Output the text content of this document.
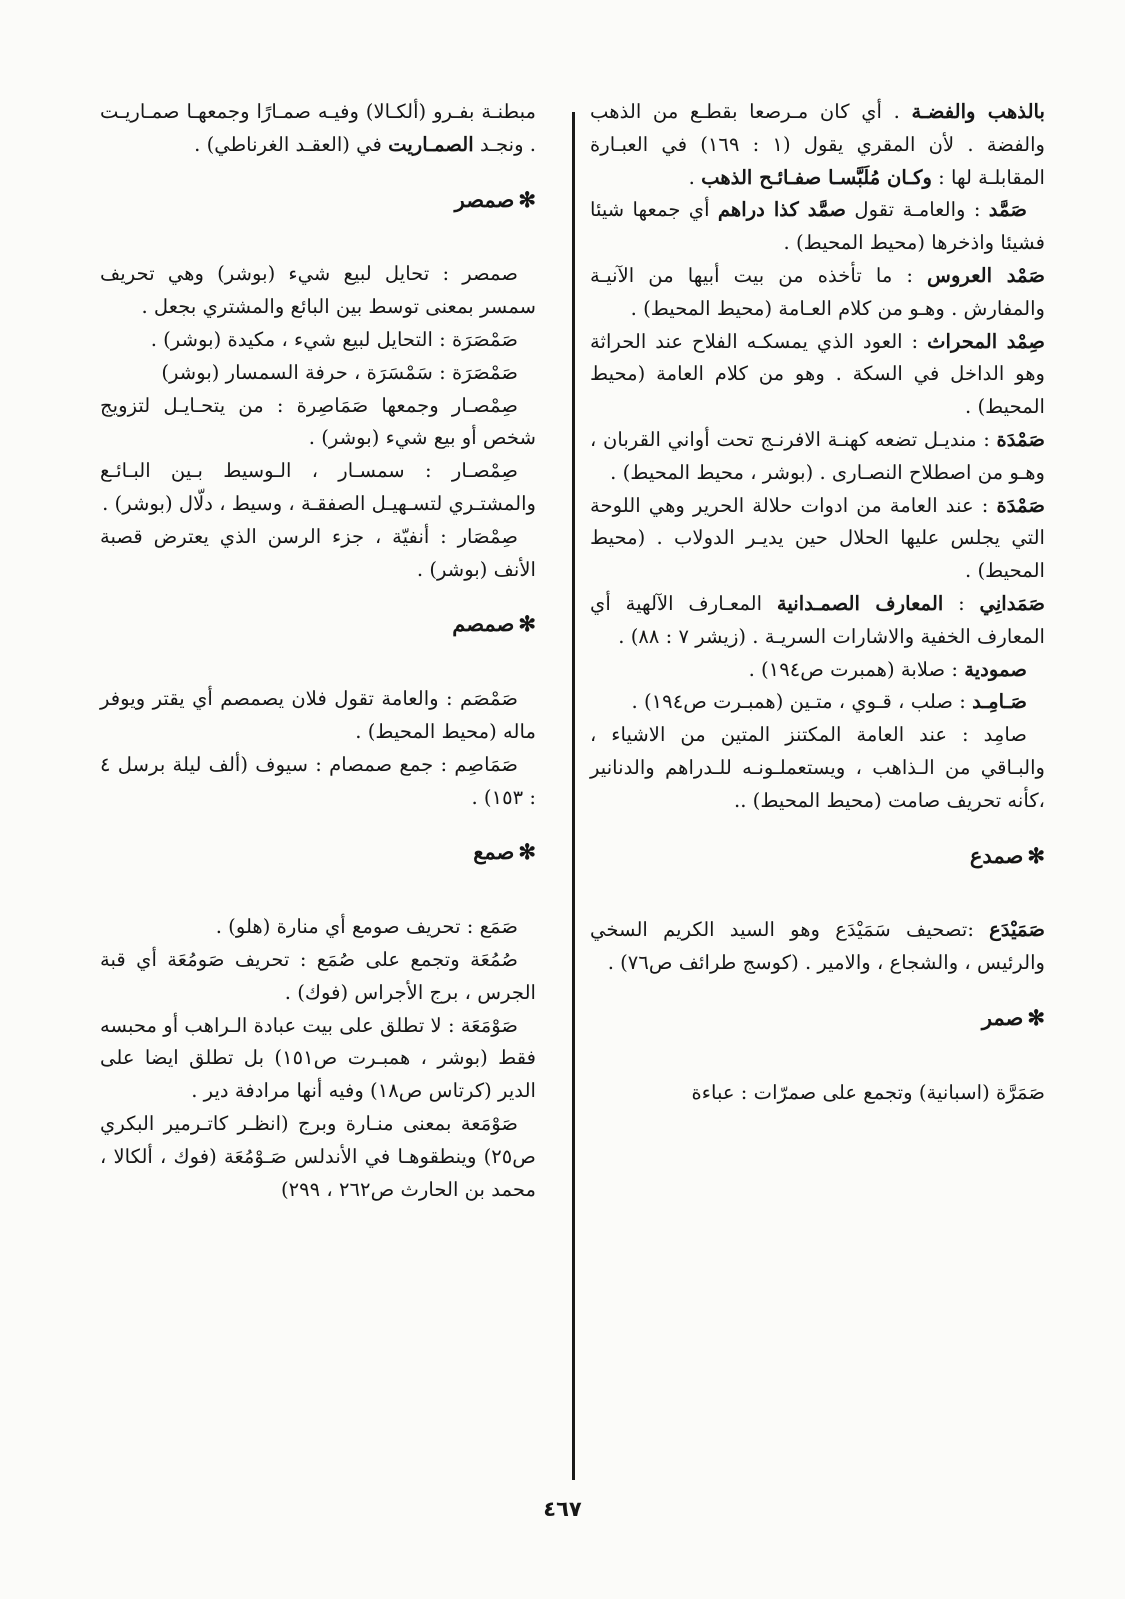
بالذهب والفضـة . أي كان مـرصعا بقطـع من الذهب والفضة . لأن المقري يقول (١ : ١٦٩) في العبـارة المقابلـة لها : وكـان مُلَبَّسـا صفـائـح الذهب .

صَمَّد : والعامـة تقول صمَّد كذا دراهم أي جمعها شيئا فشيئا واذخرها (محيط المحيط) .

صَمْد العروس : ما تأخذه من بيت أبيها من الآنيـة والمفارش . وهـو من كلام العـامة (محيط المحيط) .

صِمْد المحراث : العود الذي يمسكـه الفلاح عند الحراثة وهو الداخل في السكة . وهو من كلام العامة (محيط المحيط) .

صَمْدَة : منديـل تضعه كهنـة الافرنـج تحت أواني القربان ، وهـو من اصطلاح النصـارى . (بوشر ، محيط المحيط) .

صَمْدَة : عند العامة من ادوات حلالة الحرير وهي اللوحة التي يجلس عليها الحلال حين يديـر الدولاب . (محيط المحيط) .

صَمَدانِي : المعارف الصمـدانية المعـارف الآلهية أي المعارف الخفية والاشارات السريـة . (زيشر ٧ : ٨٨) .

صمودية : صلابة (همبرت ص١٩٤) .

صَـامِـد : صلب ، قـوي ، متـين (همبـرت ص١٩٤) .

صامِد : عند العامة المكتنز المتين من الاشياء ، والبـاقي من الـذاهب ، ويستعملـونـه للـدراهم والدنانير ،كأنه تحريف صامت (محيط المحيط) ..

✻صمدع

صَمَيْدَع :تصحيف سَمَيْدَع وهو السيد الكريم السخي والرئيس ، والشجاع ، والامير . (كوسج طرائف ص٧٦) .

✻صمر

صَمَرَّة (اسبانية) وتجمع على صمرّات : عباءة

مبطنـة بفـرو (ألكـالا) وفيـه صمـارًا وجمعهـا صمـاريـت . ونجـد الصمـاريت في (العقـد الغرناطي) .

✻صمصر

صمصر : تحايل لبيع شيء (بوشر) وهي تحريف سمسر بمعنى توسط بين البائع والمشتري بجعل .

صَمْصَرَة : التحايل لبيع شيء ، مكيدة (بوشر) .

صَمْصَرَة : سَمْسَرَة ، حرفة السمسار (بوشر)

صِمْصـار وجمعها صَمَاصِرة : من يتحـايـل لتزويج شخص أو بيع شيء (بوشر) .

صِمْصـار : سمسـار ، الـوسيط بـين البـائـع والمشتـري لتسـهيـل الصفقـة ، وسيط ، دلّال (بوشر) .

صِمْصَار : أنفيّة ، جزء الرسن الذي يعترض قصبة الأنف (بوشر) .

✻صمصم

صَمْصَم : والعامة تقول فلان يصمصم أي يقتر ويوفر ماله (محيط المحيط) .

صَمَاصِم : جمع صمصام : سيوف (ألف ليلة برسل ٤ : ١٥٣) .

✻صمع

صَمَع : تحريف صومع أي منارة (هلو) .

صُمُعَة وتجمع على صُمَع : تحريف صَومُعَة أي قبة الجرس ، برج الأجراس (فوك) .

صَوْمَعَة : لا تطلق على بيت عبادة الـراهب أو محبسه فقط (بوشر ، همبـرت ص١٥١) بل تطلق ايضا على الدير (كرتاس ص١٨) وفيه أنها مرادفة دير .

صَوْمَعة بمعنى منـارة وبرج (انظـر كاتـرمير البكري ص٢٥) وينطقوهـا في الأندلس صَـوْمُعَة (فوك ، ألكالا ، محمد بن الحارث ص٢٦٢ ، ٢٩٩)

٤٦٧
